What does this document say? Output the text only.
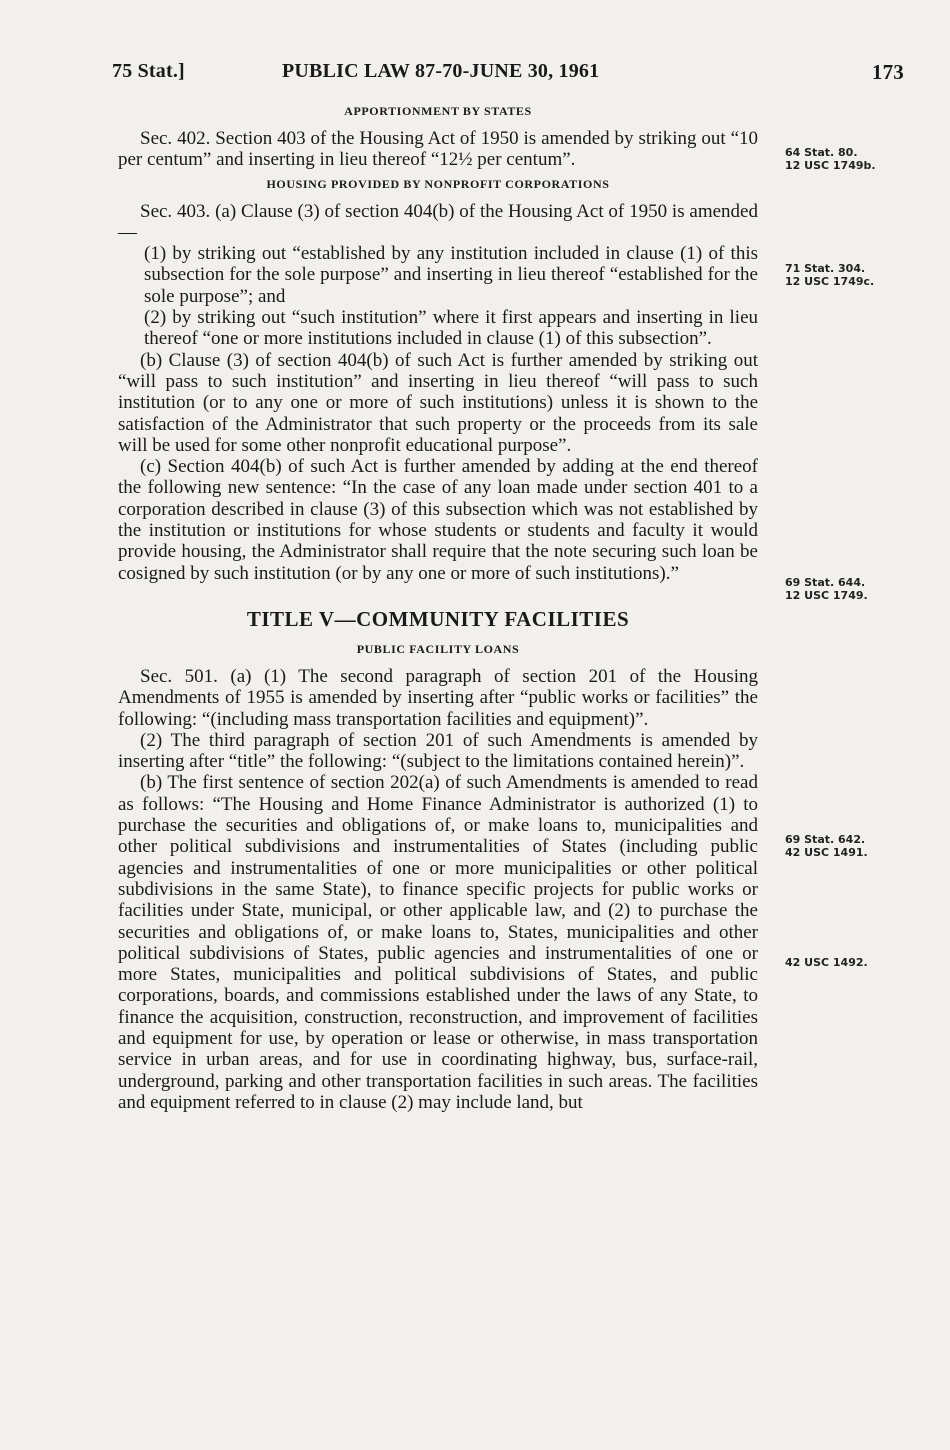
75 Stat.]	PUBLIC LAW 87-70-JUNE 30, 1961	173
APPORTIONMENT BY STATES

Sec. 402. Section 403 of the Housing Act of 1950 is amended by striking out “10 per centum” and inserting in lieu thereof “12½ per centum”.

HOUSING PROVIDED BY NONPROFIT CORPORATIONS

Sec. 403. (a) Clause (3) of section 404(b) of the Housing Act of 1950 is amended—

(1) by striking out “established by any institution included in clause (1) of this subsection for the sole purpose” and inserting in lieu thereof “established for the sole purpose”; and

(2) by striking out “such institution” where it first appears and inserting in lieu thereof “one or more institutions included in clause (1) of this subsection”.

(b) Clause (3) of section 404(b) of such Act is further amended by striking out “will pass to such institution” and inserting in lieu thereof “will pass to such institution (or to any one or more of such institutions) unless it is shown to the satisfaction of the Administrator that such property or the proceeds from its sale will be used for some other nonprofit educational purpose”.

(c) Section 404(b) of such Act is further amended by adding at the end thereof the following new sentence: “In the case of any loan made under section 401 to a corporation described in clause (3) of this subsection which was not established by the institution or institutions for whose students or students and faculty it would provide housing, the Administrator shall require that the note securing such loan be cosigned by such institution (or by any one or more of such institutions).”

TITLE V—COMMUNITY FACILITIES
PUBLIC FACILITY LOANS

Sec. 501. (a) (1) The second paragraph of section 201 of the Housing Amendments of 1955 is amended by inserting after “public works or facilities” the following: “(including mass transportation facilities and equipment)”.

(2) The third paragraph of section 201 of such Amendments is amended by inserting after “title” the following: “(subject to the limitations contained herein)”.

(b) The first sentence of section 202(a) of such Amendments is amended to read as follows: “The Housing and Home Finance Administrator is authorized (1) to purchase the securities and obligations of, or make loans to, municipalities and other political subdivisions and instrumentalities of States (including public agencies and instrumentalities of one or more municipalities or other political subdivisions in the same State), to finance specific projects for public works or facilities under State, municipal, or other applicable law, and (2) to purchase the securities and obligations of, or make loans to, States, municipalities and other political subdivisions of States, public agencies and instrumentalities of one or more States, municipalities and political subdivisions of States, and public corporations, boards, and commissions established under the laws of any State, to finance the acquisition, construction, reconstruction, and improvement of facilities and equipment for use, by operation or lease or otherwise, in mass transportation service in urban areas, and for use in coordinating highway, bus, surface-rail, underground, parking and other transportation facilities in such areas. The facilities and equipment referred to in clause (2) may include land, but

64 Stat. 80.
12 USC 1749b.
71 Stat. 304.
12 USC 1749c.
69 Stat. 644.
12 USC 1749.
69 Stat. 642.
42 USC 1491.
42 USC 1492.
